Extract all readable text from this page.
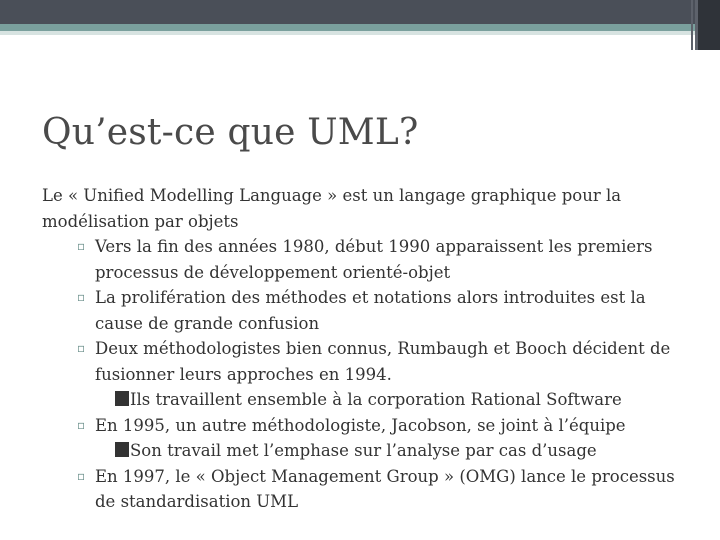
Qu’est-ce que UML?

Le « Unified Modelling Language » est un langage graphique pour la modélisation par objets

▫ Vers la fin des années 1980, début 1990 apparaissent les premiers processus de développement orienté-objet
▫ La prolifération des méthodes et notations alors introduites est la cause de grande confusion
▫ Deux méthodologistes bien connus, Rumbaugh et Booch décident de fusionner leurs approches en 1994.
Ils travaillent ensemble à la corporation Rational Software
▫ En 1995, un autre méthodologiste, Jacobson, se joint à l’équipe
Son travail met l’emphase sur l’analyse par cas d’usage
▫ En 1997, le « Object Management Group » (OMG) lance le processus de standardisation UML
